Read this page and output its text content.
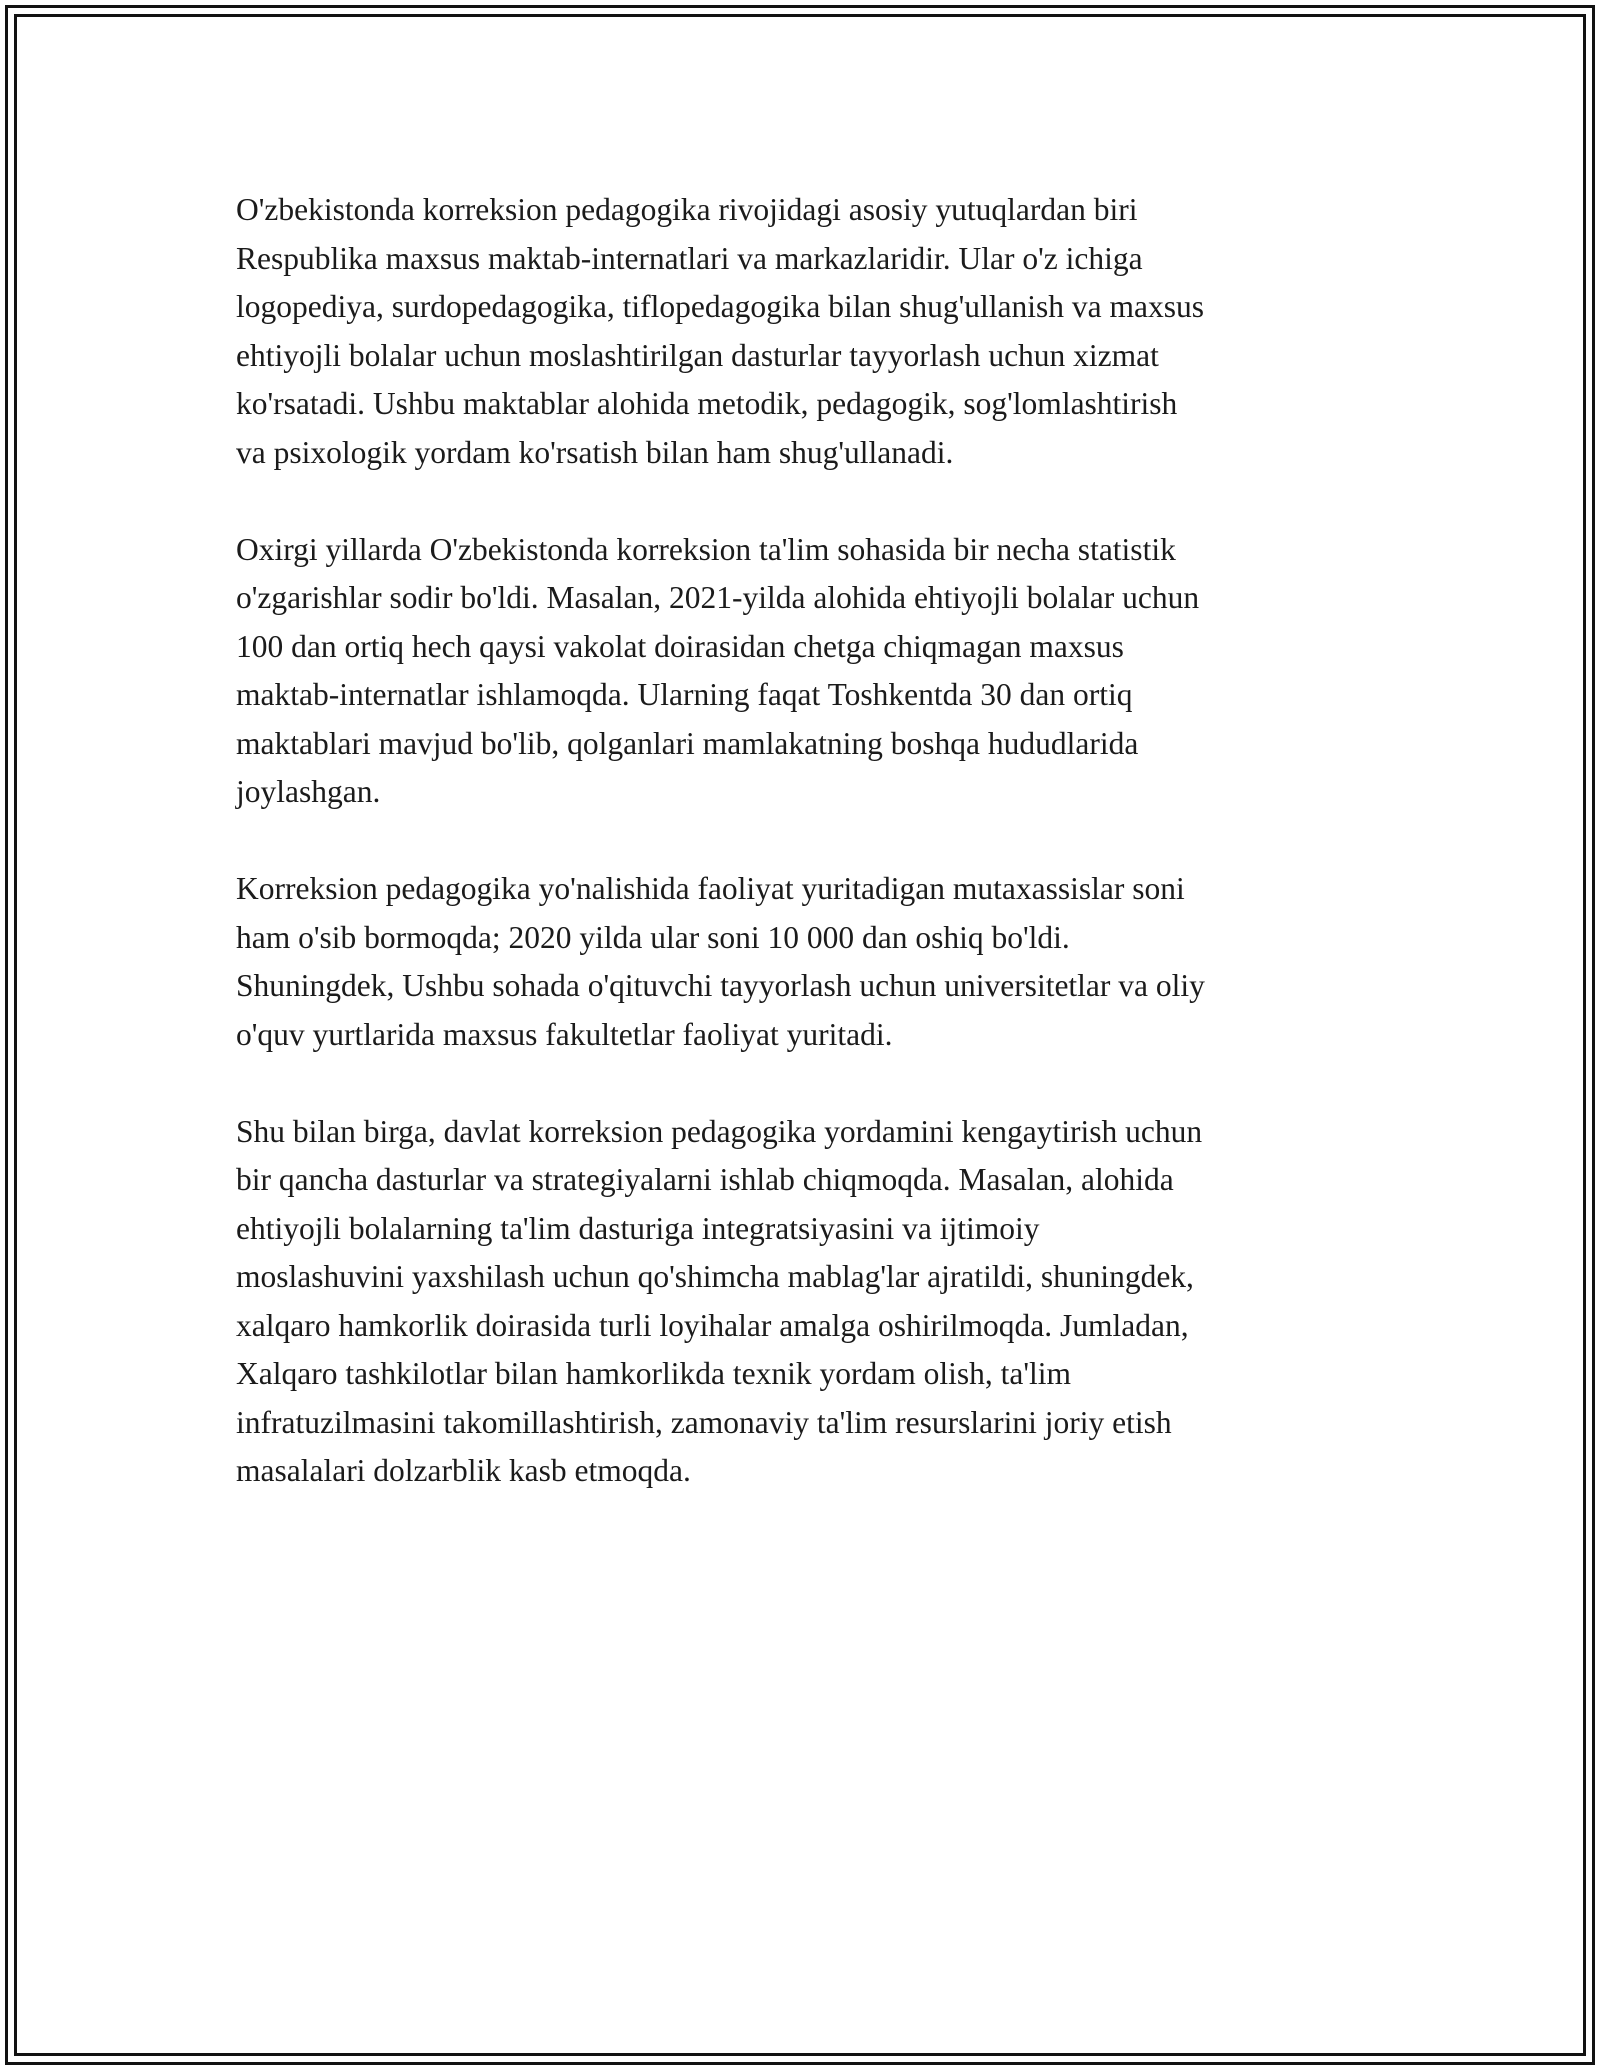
O'zbekistonda korreksion pedagogika rivojidagi asosiy yutuqlardan biri
Respublika maxsus maktab-internatlari va markazlaridir. Ular o'z ichiga
logopediya, surdopedagogika, tiflopedagogika bilan shug'ullanish va maxsus
ehtiyojli bolalar uchun moslashtirilgan dasturlar tayyorlash uchun xizmat
ko'rsatadi. Ushbu maktablar alohida metodik, pedagogik, sog'lomlashtirish
va psixologik yordam ko'rsatish bilan ham shug'ullanadi.

Oxirgi yillarda O'zbekistonda korreksion ta'lim sohasida bir necha statistik
o'zgarishlar sodir bo'ldi. Masalan, 2021-yilda alohida ehtiyojli bolalar uchun
100 dan ortiq hech qaysi vakolat doirasidan chetga chiqmagan maxsus
maktab-internatlar ishlamoqda. Ularning faqat Toshkentda 30 dan ortiq
maktablari mavjud bo'lib, qolganlari mamlakatning boshqa hududlarida
joylashgan.

Korreksion pedagogika yo'nalishida faoliyat yuritadigan mutaxassislar soni
ham o'sib bormoqda; 2020 yilda ular soni 10 000 dan oshiq bo'ldi.
Shuningdek, Ushbu sohada o'qituvchi tayyorlash uchun universitetlar va oliy
o'quv yurtlarida maxsus fakultetlar faoliyat yuritadi.

Shu bilan birga, davlat korreksion pedagogika yordamini kengaytirish uchun
bir qancha dasturlar va strategiyalarni ishlab chiqmoqda. Masalan, alohida
ehtiyojli bolalarning ta'lim dasturiga integratsiyasini va ijtimoiy
moslashuvini yaxshilash uchun qo'shimcha mablag'lar ajratildi, shuningdek,
xalqaro hamkorlik doirasida turli loyihalar amalga oshirilmoqda. Jumladan,
Xalqaro tashkilotlar bilan hamkorlikda texnik yordam olish, ta'lim
infratuzilmasini takomillashtirish, zamonaviy ta'lim resurslarini joriy etish
masalalari dolzarblik kasb etmoqda.
